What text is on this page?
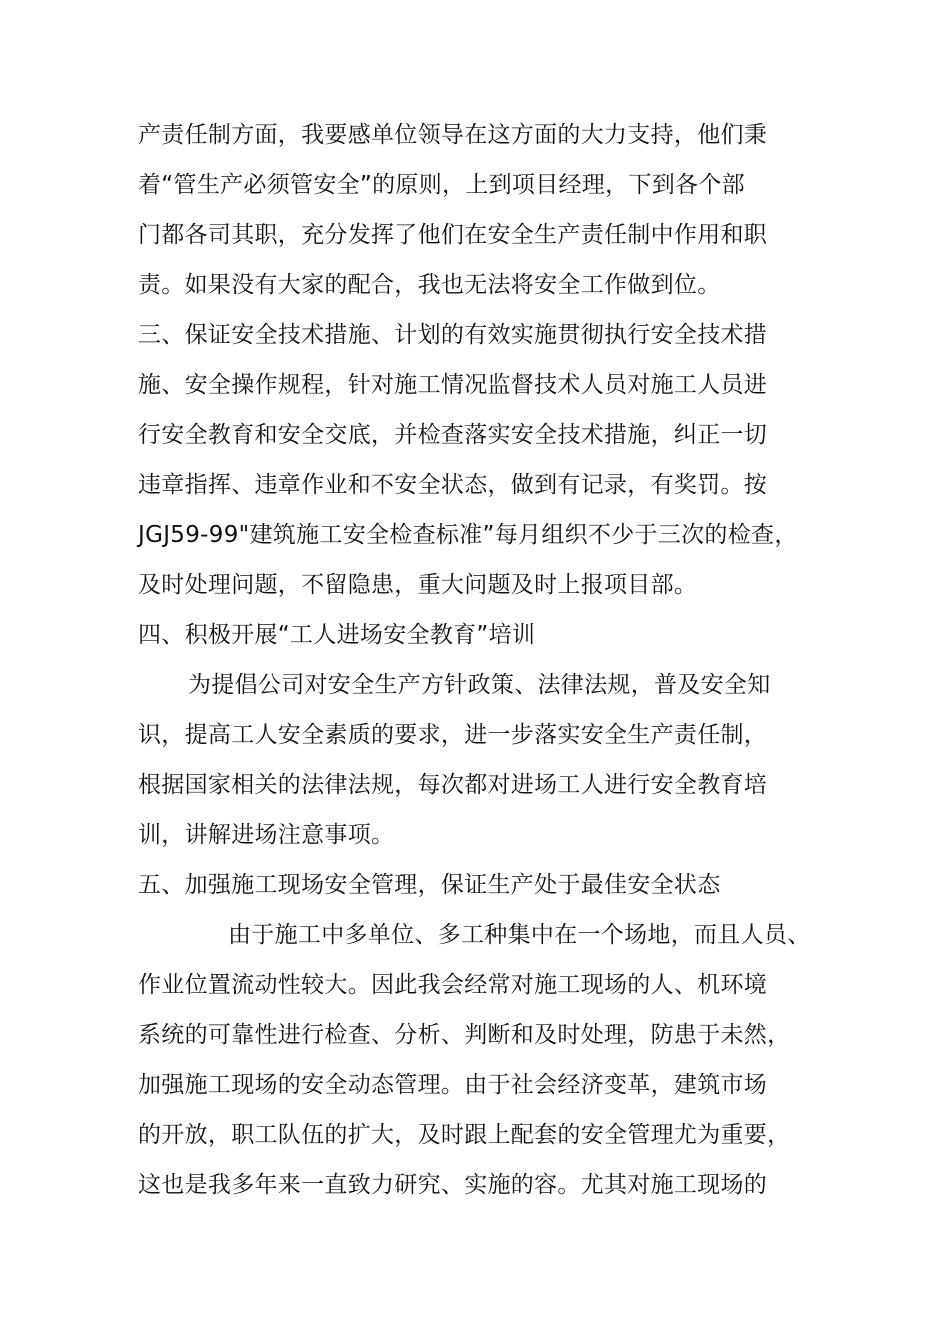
产责任制方面，我要感单位领导在这方面的大力支持，他们秉
着“管生产必须管安全”的原则，上到项目经理，下到各个部
门都各司其职，充分发挥了他们在安全生产责任制中作用和职
责。如果没有大家的配合，我也无法将安全工作做到位。
三、保证安全技术措施、计划的有效实施贯彻执行安全技术措
施、安全操作规程，针对施工情况监督技术人员对施工人员进
行安全教育和安全交底，并检查落实安全技术措施，纠正一切
违章指挥、违章作业和不安全状态，做到有记录，有奖罚。按
JGJ59-99"建筑施工安全检查标准”每月组织不少于三次的检查，
及时处理问题，不留隐患，重大问题及时上报项目部。
四、积极开展“工人进场安全教育”培训
为提倡公司对安全生产方针政策、法律法规，普及安全知
识，提高工人安全素质的要求，进一步落实安全生产责任制，
根据国家相关的法律法规，每次都对进场工人进行安全教育培
训，讲解进场注意事项。
五、加强施工现场安全管理，保证生产处于最佳安全状态
由于施工中多单位、多工种集中在一个场地，而且人员、
作业位置流动性较大。因此我会经常对施工现场的人、机环境
系统的可靠性进行检查、分析、判断和及时处理，防患于未然，
加强施工现场的安全动态管理。由于社会经济变革，建筑市场
的开放，职工队伍的扩大，及时跟上配套的安全管理尤为重要，
这也是我多年来一直致力研究、实施的容。尤其对施工现场的
